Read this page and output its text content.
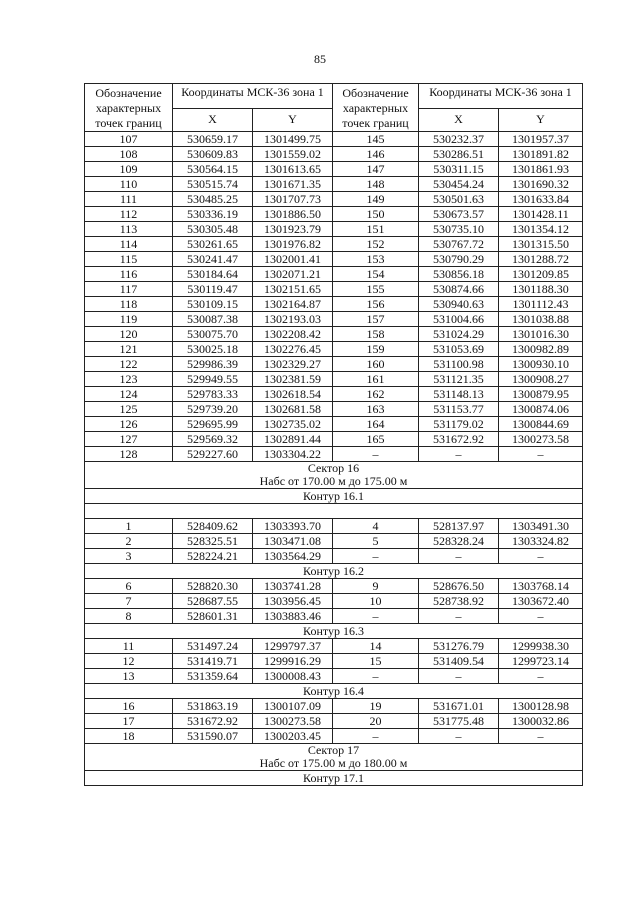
85
Обозначение характерных точек границ	Координаты МСК-36 зона 1		Обозначение характерных точек границ	Координаты МСК-36 зона 1	
	X	Y		X	Y
107	530659.17	1301499.75	145	530232.37	1301957.37
108	530609.83	1301559.02	146	530286.51	1301891.82
109	530564.15	1301613.65	147	530311.15	1301861.93
110	530515.74	1301671.35	148	530454.24	1301690.32
111	530485.25	1301707.73	149	530501.63	1301633.84
112	530336.19	1301886.50	150	530673.57	1301428.11
113	530305.48	1301923.79	151	530735.10	1301354.12
114	530261.65	1301976.82	152	530767.72	1301315.50
115	530241.47	1302001.41	153	530790.29	1301288.72
116	530184.64	1302071.21	154	530856.18	1301209.85
117	530119.47	1302151.65	155	530874.66	1301188.30
118	530109.15	1302164.87	156	530940.63	1301112.43
119	530087.38	1302193.03	157	531004.66	1301038.88
120	530075.70	1302208.42	158	531024.29	1301016.30
121	530025.18	1302276.45	159	531053.69	1300982.89
122	529986.39	1302329.27	160	531100.98	1300930.10
123	529949.55	1302381.59	161	531121.35	1300908.27
124	529783.33	1302618.54	162	531148.13	1300879.95
125	529739.20	1302681.58	163	531153.77	1300874.06
126	529695.99	1302735.02	164	531179.02	1300844.69
127	529569.32	1302891.44	165	531672.92	1300273.58
128	529227.60	1303304.22	–	–	–

Сектор 16
Набс от 170.00 м до 175.00 м					

Контур 16.1					

1	528409.62	1303393.70	4	528137.97	1303491.30
2	528325.51	1303471.08	5	528328.24	1303324.82
3	528224.21	1303564.29	–	–	–
Контур 16.2					
6	528820.30	1303741.28	9	528676.50	1303768.14
7	528687.55	1303956.45	10	528738.92	1303672.40
8	528601.31	1303883.46	–	–	–
Контур 16.3					
11	531497.24	1299797.37	14	531276.79	1299938.30
12	531419.71	1299916.29	15	531409.54	1299723.14
13	531359.64	1300008.43	–	–	–
Контур 16.4					
16	531863.19	1300107.09	19	531671.01	1300128.98
17	531672.92	1300273.58	20	531775.48	1300032.86
18	531590.07	1300203.45	–	–	–

Сектор 17
Набс от 175.00 м до 180.00 м					

Контур 17.1					
